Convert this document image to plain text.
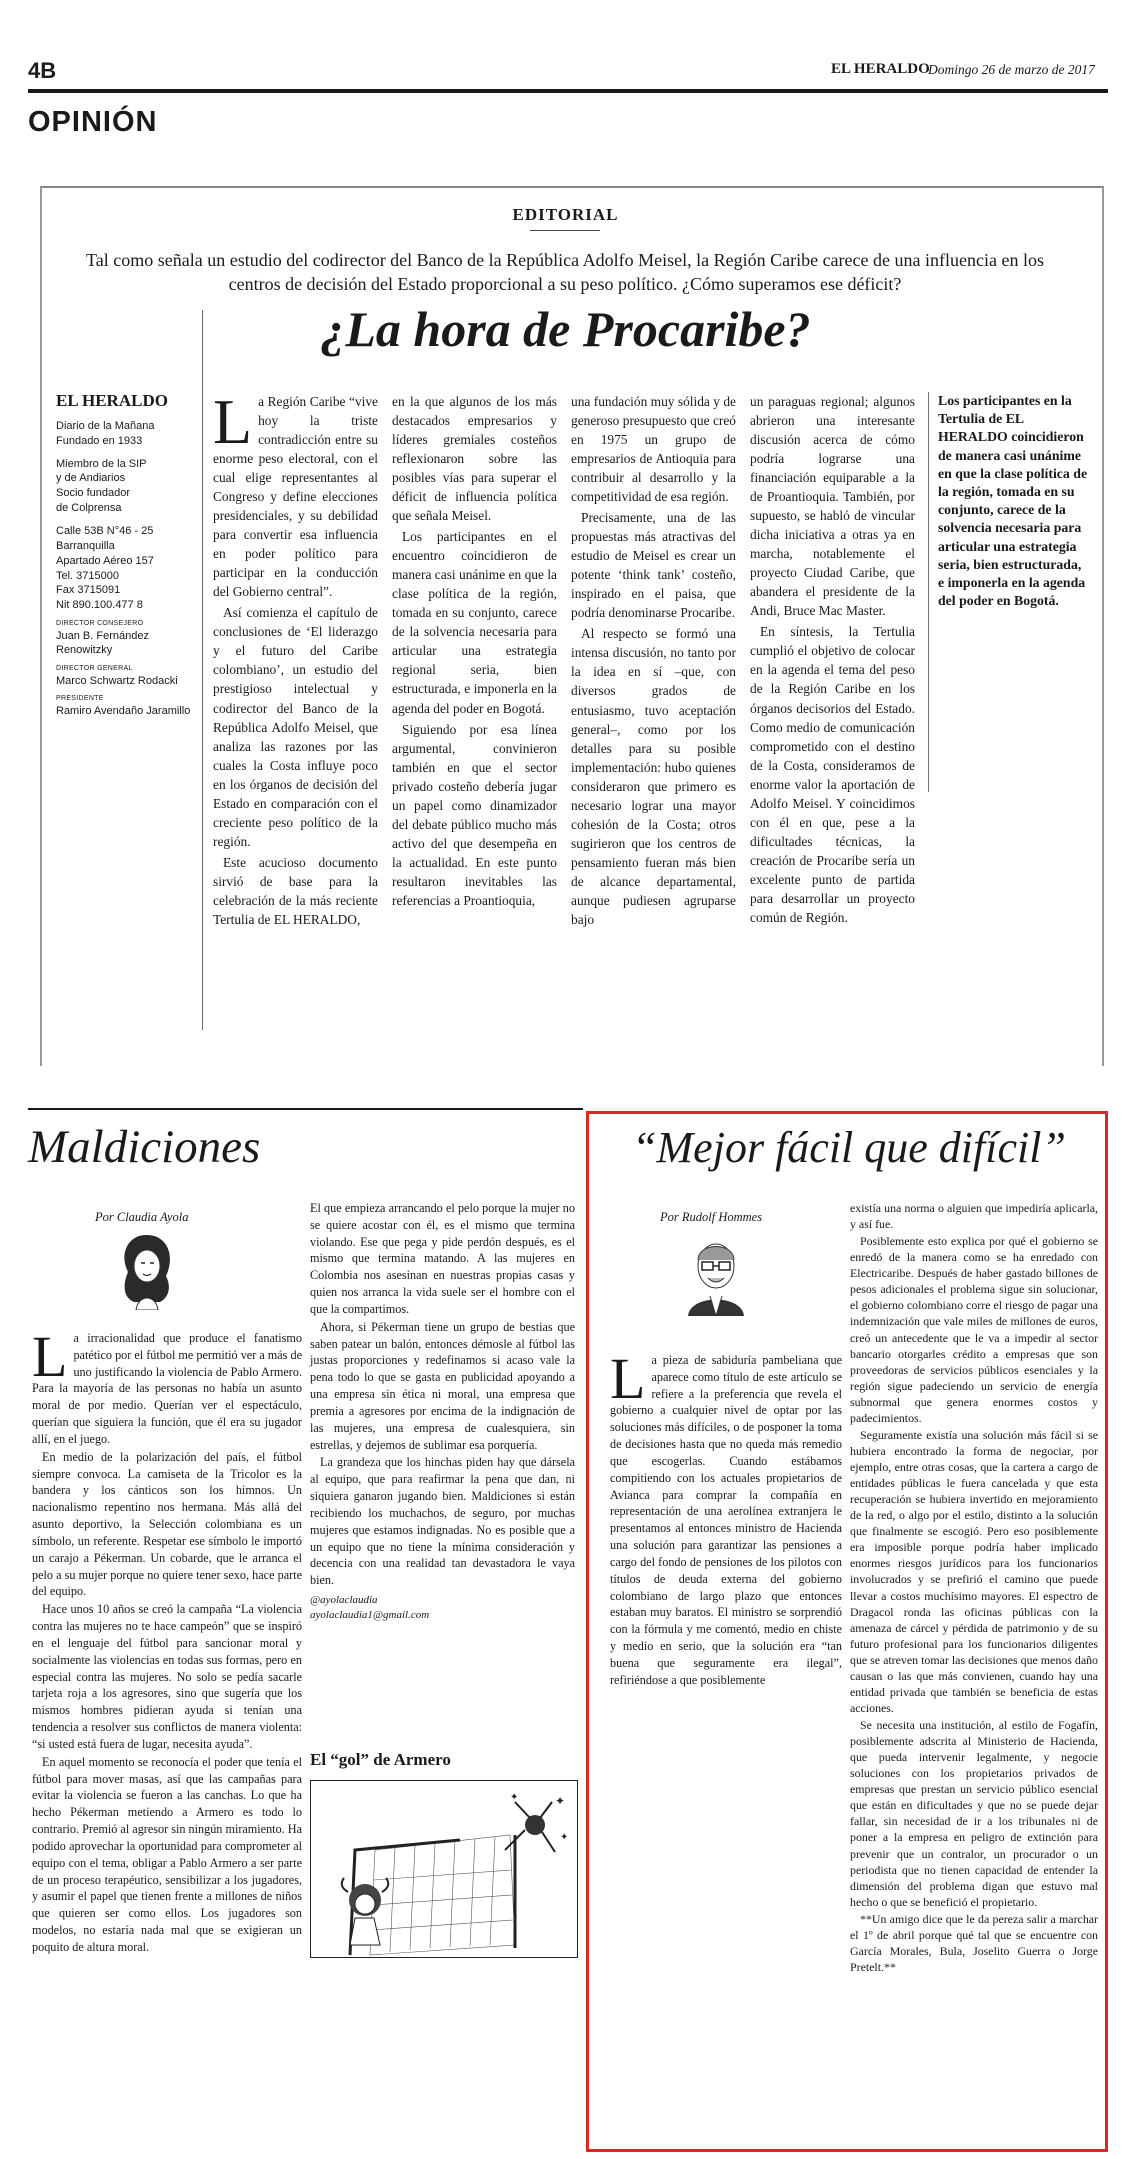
4B	EL HERALDO
Domingo 26 de marzo de 2017
OPINIÓN
EDITORIAL
Tal como señala un estudio del codirector del Banco de la República Adolfo Meisel, la Región Caribe carece de una influencia en los centros de decisión del Estado proporcional a su peso político. ¿Cómo superamos ese déficit?
¿La hora de Procaribe?
EL HERALDO
Diario de la Mañana
Fundado en 1933
Miembro de la SIP
y de Andiarios
Socio fundador
de Colprensa
Calle 53B N°46 - 25
Barranquilla
Apartado Aéreo 157
Tel. 3715000
Fax 3715091
Nit 890.100.477 8
DIRECTOR CONSEJERO
Juan B. Fernández Renowitzky
DIRECTOR GENERAL
Marco Schwartz Rodacki
PRESIDENTE
Ramiro Avendaño Jaramillo
L a Región Caribe “vive hoy la triste contradicción entre su enorme peso electoral, con el cual elige representantes al Congreso y define elecciones presidenciales, y su debilidad para convertir esa influencia en poder político para participar en la conducción del Gobierno central”.

Así comienza el capítulo de conclusiones de ‘El liderazgo y el futuro del Caribe colombiano’, un estudio del prestigioso intelectual y codirector del Banco de la República Adolfo Meisel, que analiza las razones por las cuales la Costa influye poco en los órganos de decisión del Estado en comparación con el creciente peso político de la región.

Este acucioso documento sirvió de base para la celebración de la más reciente Tertulia de EL HERALDO,

en la que algunos de los más destacados empresarios y líderes gremiales costeños reflexionaron sobre las posibles vías para superar el déficit de influencia política que señala Meisel.

Los participantes en el encuentro coincidieron de manera casi unánime en que la clase política de la región, tomada en su conjunto, carece de la solvencia necesaria para articular una estrategia regional seria, bien estructurada, e imponerla en la agenda del poder en Bogotá.

Siguiendo por esa línea argumental, convinieron también en que el sector privado costeño debería jugar un papel como dinamizador del debate público mucho más activo del que desempeña en la actualidad. En este punto resultaron inevitables las referencias a Proantioquia,

una fundación muy sólida y de generoso presupuesto que creó en 1975 un grupo de empresarios de Antioquia para contribuir al desarrollo y la competitividad de esa región.

Precisamente, una de las propuestas más atractivas del estudio de Meisel es crear un potente ‘think tank’ costeño, inspirado en el paisa, que podría denominarse Procaribe.

Al respecto se formó una intensa discusión, no tanto por la idea en sí –que, con diversos grados de entusiasmo, tuvo aceptación general–, como por los detalles para su posible implementación: hubo quienes consideraron que primero es necesario lograr una mayor cohesión de la Costa; otros sugirieron que los centros de pensamiento fueran más bien de alcance departamental, aunque pudiesen agruparse bajo

un paraguas regional; algunos abrieron una interesante discusión acerca de cómo podría lograrse una financiación equiparable a la de Proantioquia. También, por supuesto, se habló de vincular dicha iniciativa a otras ya en marcha, notablemente el proyecto Ciudad Caribe, que abandera el presidente de la Andi, Bruce Mac Master.

En síntesis, la Tertulia cumplió el objetivo de colocar en la agenda el tema del peso de la Región Caribe en los órganos decisorios del Estado. Como medio de comunicación comprometido con el destino de la Costa, consideramos de enorme valor la aportación de Adolfo Meisel. Y coincidimos con él en que, pese a la dificultades técnicas, la creación de Procaribe sería un excelente punto de partida para desarrollar un proyecto común de Región.

Los participantes en la Tertulia de EL HERALDO coincidieron de manera casi unánime en que la clase política de la región, tomada en su conjunto, carece de la solvencia necesaria para articular una estrategia seria, bien estructurada, e imponerla en la agenda del poder en Bogotá.
Maldiciones
Por Claudia Ayola
L a irracionalidad que produce el fanatismo patético por el fútbol me permitió ver a más de uno justificando la violencia de Pablo Armero. Para la mayoría de las personas no había un asunto moral de por medio. Querían ver el espectáculo, querían que siguiera la función, que él era su jugador allí, en el juego.

En medio de la polarización del país, el fútbol siempre convoca. La camiseta de la Tricolor es la bandera y los cánticos son los himnos. Un nacionalismo repentino nos hermana. Más allá del asunto deportivo, la Selección colombiana es un símbolo, un referente. Respetar ese símbolo le importó un carajo a Pékerman. Un cobarde, que le arranca el pelo a su mujer porque no quiere tener sexo, hace parte del equipo.

Hace unos 10 años se creó la campaña “La violencia contra las mujeres no te hace campeón” que se inspiró en el lenguaje del fútbol para sancionar moral y socialmente las violencias en todas sus formas, pero en especial contra las mujeres. No solo se pedía sacarle tarjeta roja a los agresores, sino que sugería que los mismos hombres pidieran ayuda si tenían una tendencia a resolver sus conflictos de manera violenta: “si usted está fuera de lugar, necesita ayuda”.

En aquel momento se reconocía el poder que tenía el fútbol para mover masas, así que las campañas para evitar la violencia se fueron a las canchas. Lo que ha hecho Pékerman metiendo a Armero es todo lo contrario. Premió al agresor sin ningún miramiento. Ha podido aprovechar la oportunidad para comprometer al equipo con el tema, obligar a Pablo Armero a ser parte de un proceso terapéutico, sensibilizar a los jugadores, y asumir el papel que tienen frente a millones de niños que quieren ser como ellos. Los jugadores son modelos, no estaría nada mal que se exigieran un poquito de altura moral.

El que empieza arrancando el pelo porque la mujer no se quiere acostar con él, es el mismo que termina violando. Ese que pega y pide perdón después, es el mismo que termina matando. A las mujeres en Colombia nos asesinan en nuestras propias casas y quien nos arranca la vida suele ser el hombre con el que la compartimos.

Ahora, si Pékerman tiene un grupo de bestias que saben patear un balón, entonces démosle al fútbol las justas proporciones y redefinamos si acaso vale la pena todo lo que se gasta en publicidad apoyando a una empresa sin ética ni moral, una empresa que premia a agresores por encima de la indignación de las mujeres, una empresa de cualesquiera, sin estrellas, y dejemos de sublimar esa porquería.

La grandeza que los hinchas piden hay que dársela al equipo, que para reafirmar la pena que dan, ni siquiera ganaron jugando bien. Maldiciones si están recibiendo los muchachos, de seguro, por muchas mujeres que estamos indignadas. No es posible que a un equipo que no tiene la mínima consideración y decencia con una realidad tan devastadora le vaya bien.

@ayolaclaudia
ayolaclaudia1@gmail.com
El “gol” de Armero
✦
✦
✦
“Mejor fácil que difícil”
Por Rudolf Hommes
L a pieza de sabiduría pambeliana que aparece como título de este artículo se refiere a la preferencia que revela el gobierno a cualquier nivel de optar por las soluciones más difíciles, o de posponer la toma de decisiones hasta que no queda más remedio que escogerlas. Cuando estábamos compitiendo con los actuales propietarios de Avianca para comprar la compañía en representación de una aerolínea extranjera le presentamos al entonces ministro de Hacienda una solución para garantizar las pensiones a cargo del fondo de pensiones de los pilotos con títulos de deuda externa del gobierno colombiano de largo plazo que entonces estaban muy baratos. El ministro se sorprendió con la fórmula y me comentó, medio en chiste y medio en serio, que la solución era “tan buena que seguramente era ilegal”, refiriéndose a que posiblemente

existía una norma o alguien que impediría aplicarla, y así fue.

Posiblemente esto explica por qué el gobierno se enredó de la manera como se ha enredado con Electricaribe. Después de haber gastado billones de pesos adicionales el problema sigue sin solucionar, el gobierno colombiano corre el riesgo de pagar una indemnización que vale miles de millones de euros, creó un antecedente que le va a impedir al sector bancario otorgarles crédito a empresas que son proveedoras de servicios públicos esenciales y la región sigue padeciendo un servicio de energía subnormal que genera enormes costos y padecimientos.

Seguramente existía una solución más fácil si se hubiera encontrado la forma de negociar, por ejemplo, entre otras cosas, que la cartera a cargo de entidades públicas le fuera cancelada y que esta recuperación se hubiera invertido en mejoramiento de la red, o algo por el estilo, distinto a la solución que finalmente se escogió. Pero eso posiblemente era imposible porque podría haber implicado enormes riesgos jurídicos para los funcionarios involucrados y se prefirió el camino que puede llevar a costos muchísimo mayores. El espectro de Dragacol ronda las oficinas públicas con la amenaza de cárcel y pérdida de patrimonio y de su futuro profesional para los funcionarios diligentes que se atreven tomar las decisiones que menos daño causan o las que más convienen, cuando hay una entidad privada que también se beneficia de estas acciones.

Se necesita una institución, al estilo de Fogafín, posiblemente adscrita al Ministerio de Hacienda, que pueda intervenir legalmente, y negocie soluciones con los propietarios privados de empresas que prestan un servicio público esencial que están en dificultades y que no se puede dejar fallar, sin necesidad de ir a los tribunales ni de poner a la empresa en peligro de extinción para prevenir que un contralor, un procurador o un periodista que no tienen capacidad de entender la dimensión del problema digan que estuvo mal hecho o que se benefició el propietario.

**Un amigo dice que le da pereza salir a marchar el 1º de abril porque qué tal que se encuentre con García Morales, Bula, Joselito Guerra o Jorge Pretelt.**
